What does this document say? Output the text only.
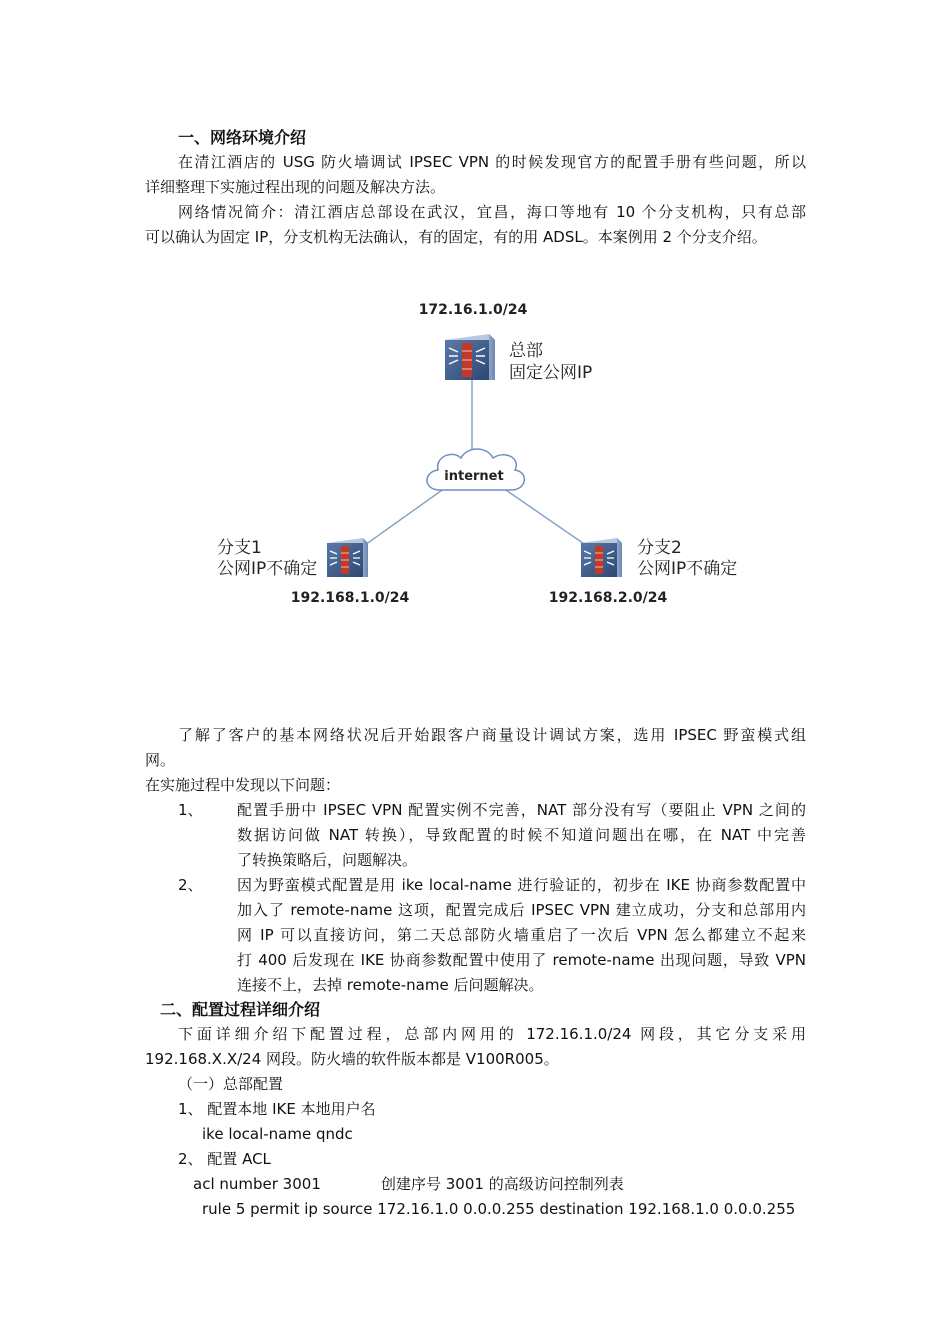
一、网络环境介绍
在清江酒店的 USG 防火墙调试 IPSEC VPN 的时候发现官方的配置手册有些问题，所以
详细整理下实施过程出现的问题及解决方法。
网络情况简介：清江酒店总部设在武汉，宜昌，海口等地有 10 个分支机构，只有总部
可以确认为固定 IP，分支机构无法确认，有的固定，有的用 ADSL。本案例用 2 个分支介绍。
172.16.1.0/24
总部
固定公网IP
internet
分支1
公网IP不确定
192.168.1.0/24
分支2
公网IP不确定
192.168.2.0/24
了解了客户的基本网络状况后开始跟客户商量设计调试方案，选用 IPSEC 野蛮模式组
网。
在实施过程中发现以下问题：
1、 配置手册中 IPSEC VPN 配置实例不完善，NAT 部分没有写（要阻止 VPN 之间的
数据访问做 NAT 转换），导致配置的时候不知道问题出在哪，在 NAT 中完善
了转换策略后，问题解决。
2、 因为野蛮模式配置是用 ike local-name 进行验证的，初步在 IKE 协商参数配置中
加入了 remote-name 这项，配置完成后 IPSEC VPN 建立成功，分支和总部用内
网 IP 可以直接访问，第二天总部防火墙重启了一次后 VPN 怎么都建立不起来
打 400 后发现在 IKE 协商参数配置中使用了 remote-name 出现问题，导致 VPN
连接不上，去掉 remote-name 后问题解决。
二、配置过程详细介绍
下面详细介绍下配置过程，总部内网用的 172.16.1.0/24 网段，其它分支采用
192.168.X.X/24 网段。防火墙的软件版本都是 V100R005。
（一）总部配置
1、 配置本地 IKE 本地用户名
ike local-name qndc
2、 配置 ACL
acl number 3001	创建序号 3001 的高级访问控制列表
rule 5 permit ip source 172.16.1.0 0.0.0.255 destination 192.168.1.0 0.0.0.255
